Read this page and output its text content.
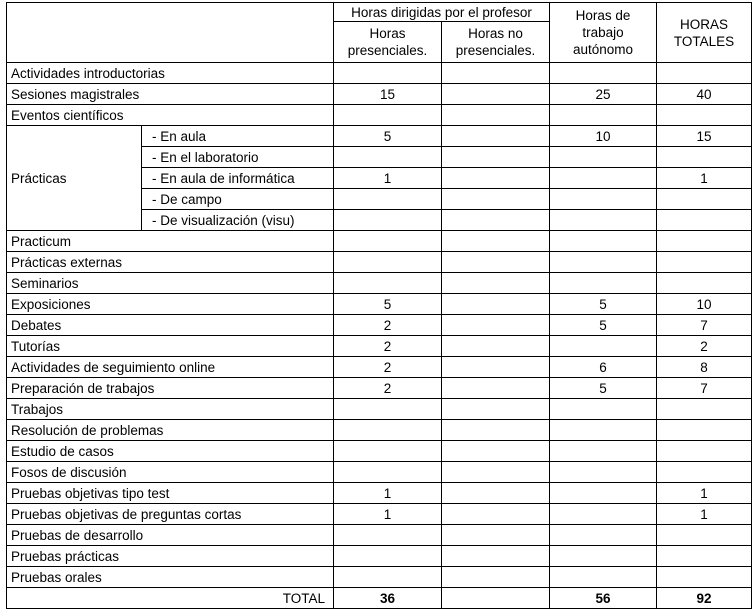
		Horas dirigidas por el profesor		Horas de trabajo autónomo	HORAS TOTALES
		Horas presenciales.	Horas no presenciales.		
Actividades introductorias					
Sesiones magistrales		15		25	40
Eventos científicos					
Prácticas	- En aula	5		10	15
	- En el laboratorio				
	- En aula de informática	1			1
	- De campo				
	- De visualización (visu)				
Practicum					
Prácticas externas					
Seminarios					
Exposiciones		5		5	10
Debates		2		5	7
Tutorías		2			2
Actividades de seguimiento online		2		6	8
Preparación de trabajos		2		5	7
Trabajos					
Resolución de problemas					
Estudio de casos					
Fosos de discusión					
Pruebas objetivas tipo test		1			1
Pruebas objetivas de preguntas cortas		1			1
Pruebas de desarrollo					
Pruebas prácticas					
Pruebas orales					
TOTAL		36		56	92
